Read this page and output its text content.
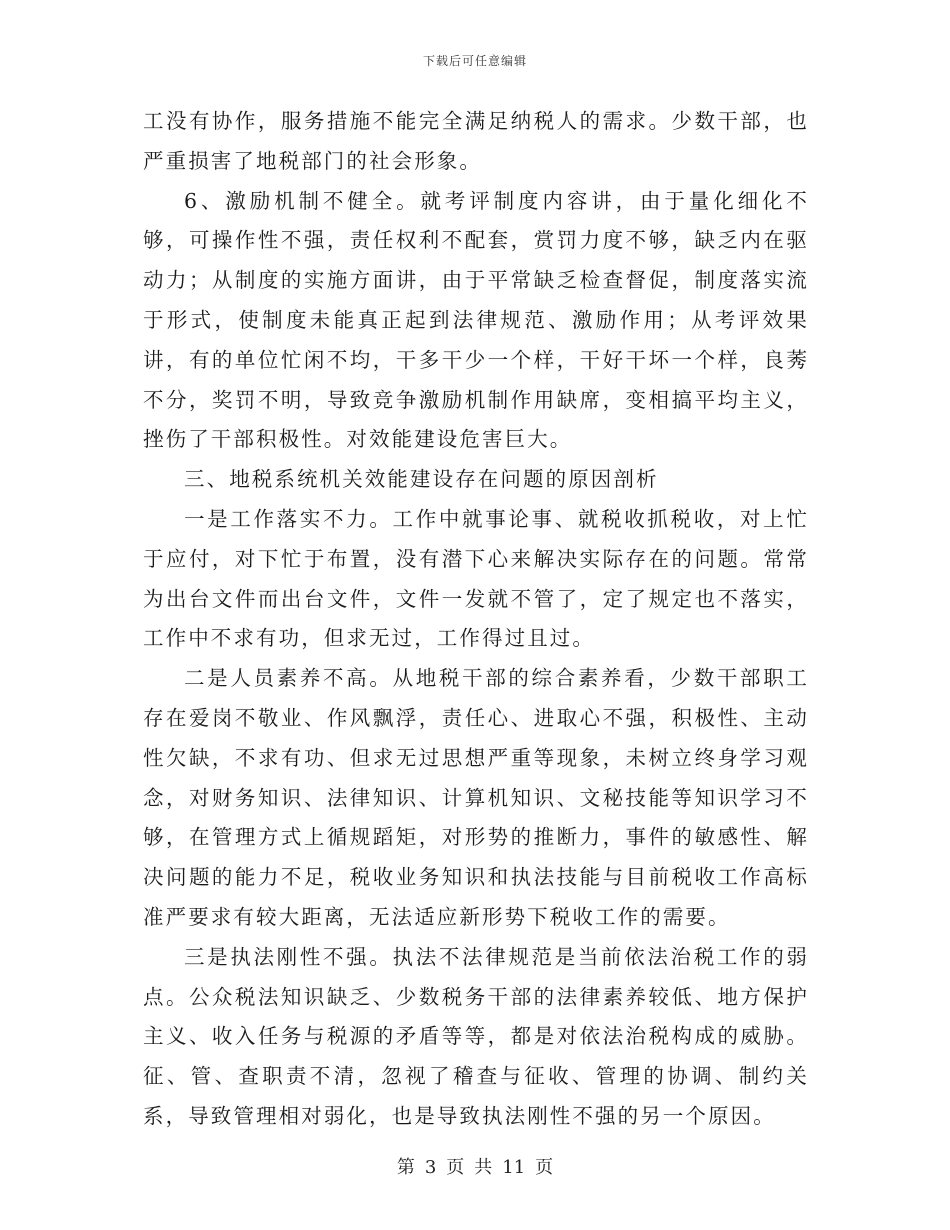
下载后可任意编辑

工没有协作，服务措施不能完全满足纳税人的需求。少数干部，也严重损害了地税部门的社会形象。

6、激励机制不健全。就考评制度内容讲，由于量化细化不够，可操作性不强，责任权利不配套，赏罚力度不够，缺乏内在驱动力；从制度的实施方面讲，由于平常缺乏检查督促，制度落实流于形式，使制度未能真正起到法律规范、激励作用；从考评效果讲，有的单位忙闲不均，干多干少一个样，干好干坏一个样，良莠不分，奖罚不明，导致竞争激励机制作用缺席，变相搞平均主义，挫伤了干部积极性。对效能建设危害巨大。

三、地税系统机关效能建设存在问题的原因剖析

一是工作落实不力。工作中就事论事、就税收抓税收，对上忙于应付，对下忙于布置，没有潜下心来解决实际存在的问题。常常为出台文件而出台文件，文件一发就不管了，定了规定也不落实，工作中不求有功，但求无过，工作得过且过。

二是人员素养不高。从地税干部的综合素养看，少数干部职工存在爱岗不敬业、作风飘浮，责任心、进取心不强，积极性、主动性欠缺，不求有功、但求无过思想严重等现象，未树立终身学习观念，对财务知识、法律知识、计算机知识、文秘技能等知识学习不够，在管理方式上循规蹈矩，对形势的推断力，事件的敏感性、解决问题的能力不足，税收业务知识和执法技能与目前税收工作高标准严要求有较大距离，无法适应新形势下税收工作的需要。

三是执法刚性不强。执法不法律规范是当前依法治税工作的弱点。公众税法知识缺乏、少数税务干部的法律素养较低、地方保护主义、收入任务与税源的矛盾等等，都是对依法治税构成的威胁。征、管、查职责不清，忽视了稽查与征收、管理的协调、制约关系，导致管理相对弱化，也是导致执法刚性不强的另一个原因。

第 3 页 共 11 页
